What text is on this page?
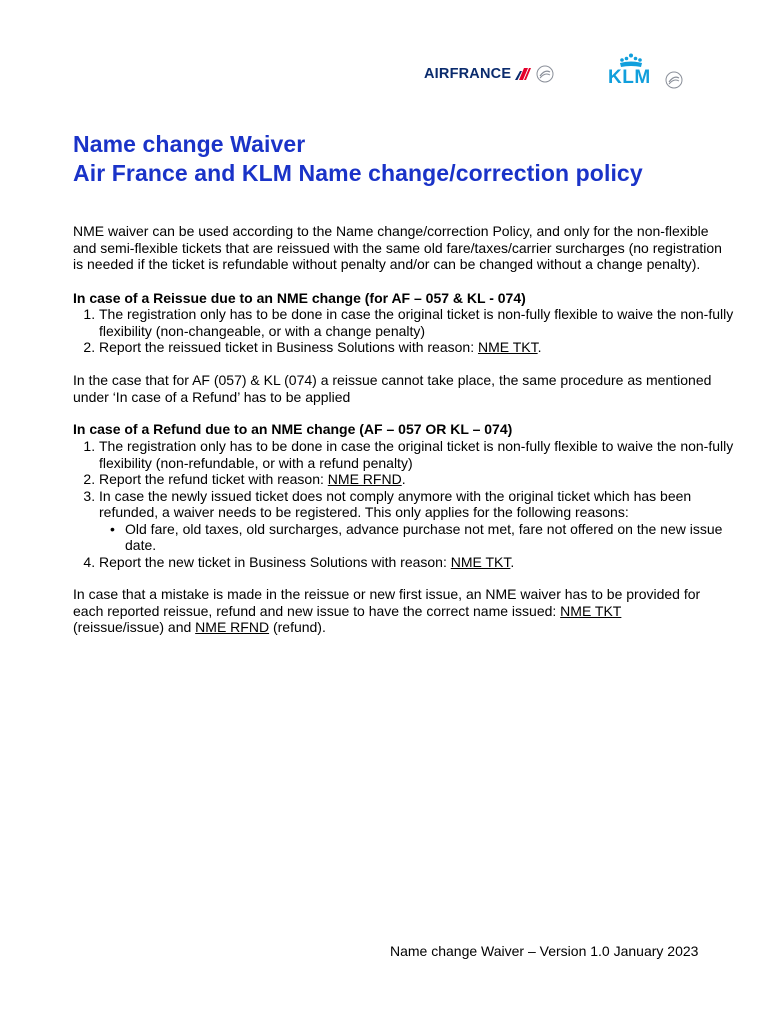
AIRFRANCE	KLM
Name change Waiver
Air France and KLM Name change/correction policy
NME waiver can be used according to the Name change/correction Policy, and only for the non-flexible and semi-flexible tickets that are reissued with the same old fare/taxes/carrier surcharges (no registration is needed if the ticket is refundable without penalty and/or can be changed without a change penalty).
In case of a Reissue due to an NME change (for AF – 057 & KL - 074)
1. The registration only has to be done in case the original ticket is non-fully flexible to waive the non-fully flexibility (non-changeable, or with a change penalty)
2. Report the reissued ticket in Business Solutions with reason: NME TKT.
In the case that for AF (057) & KL (074) a reissue cannot take place, the same procedure as mentioned under ‘In case of a Refund’ has to be applied
In case of a Refund due to an NME change (AF – 057 OR KL – 074)
1. The registration only has to be done in case the original ticket is non-fully flexible to waive the non-fully flexibility (non-refundable, or with a refund penalty)
2. Report the refund ticket with reason: NME RFND.
3. In case the newly issued ticket does not comply anymore with the original ticket which has been refunded, a waiver needs to be registered. This only applies for the following reasons:
• Old fare, old taxes, old surcharges, advance purchase not met, fare not offered on the new issue date.
4. Report the new ticket in Business Solutions with reason: NME TKT.
In case that a mistake is made in the reissue or new first issue, an NME waiver has to be provided for each reported reissue, refund and new issue to have the correct name issued: NME TKT
(reissue/issue) and NME RFND (refund).
Name change Waiver – Version 1.0 January 2023
